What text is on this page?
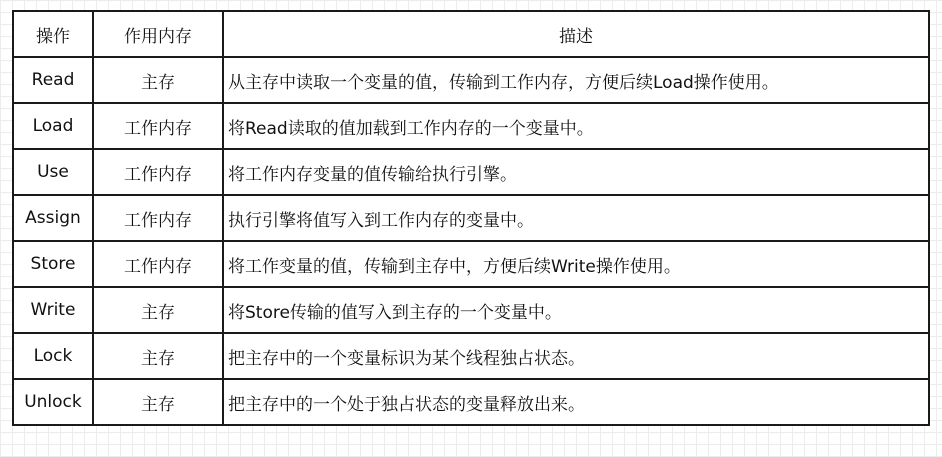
操作	作用内存	描述
Read	主存	从主存中读取一个变量的值，传输到工作内存，方便后续Load操作使用。
Load	工作内存	将Read读取的值加载到工作内存的一个变量中。
Use	工作内存	将工作内存变量的值传输给执行引擎。
Assign	工作内存	执行引擎将值写入到工作内存的变量中。
Store	工作内存	将工作变量的值，传输到主存中，方便后续Write操作使用。
Write	主存	将Store传输的值写入到主存的一个变量中。
Lock	主存	把主存中的一个变量标识为某个线程独占状态。
Unlock	主存	把主存中的一个处于独占状态的变量释放出来。
